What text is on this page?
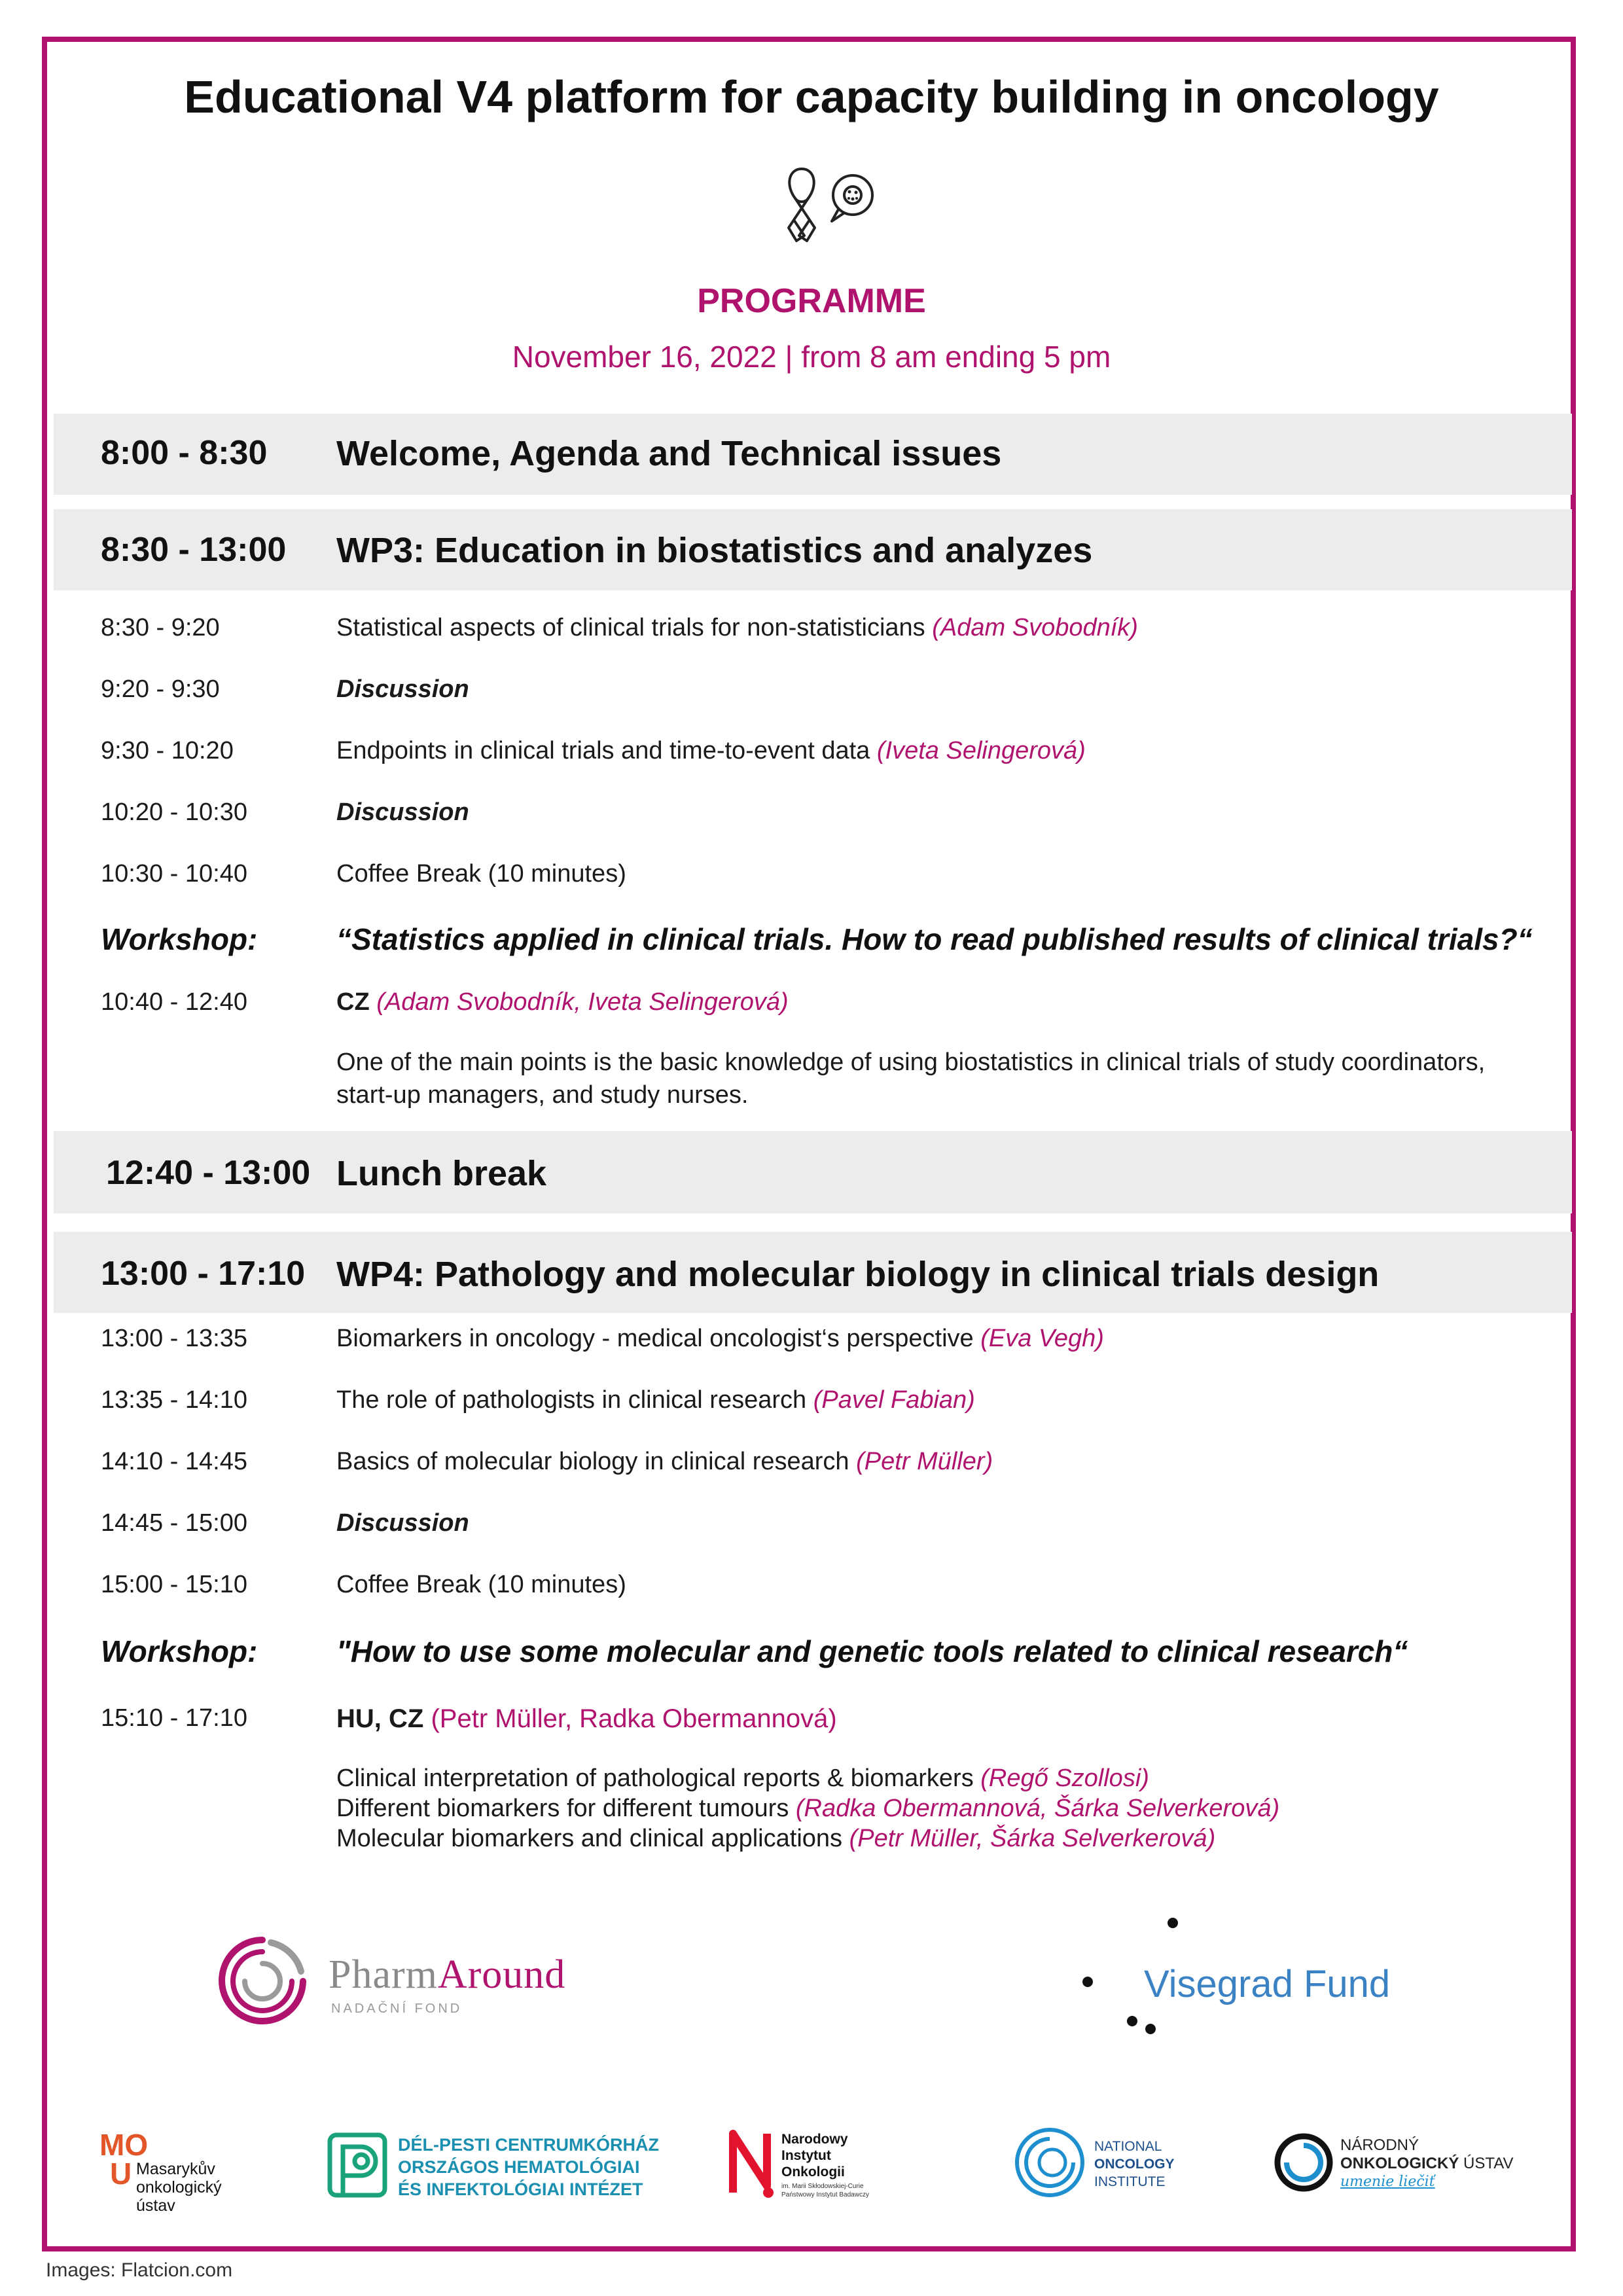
Educational V4 platform for capacity building in oncology
PROGRAMME
November 16, 2022 | from 8 am ending 5 pm
8:00 - 8:30 Welcome, Agenda and Technical issues
8:30 - 13:00 WP3: Education in biostatistics and analyzes
8:30 - 9:20	Statistical aspects of clinical trials for non-statisticians (Adam Svobodník)
9:20 - 9:30	Discussion
9:30 - 10:20	Endpoints in clinical trials and time-to-event data (Iveta Selingerová)
10:20 - 10:30	Discussion
10:30 - 10:40	Coffee Break (10 minutes)
Workshop:	“Statistics applied in clinical trials. How to read published results of clinical trials?“
10:40 - 12:40	CZ (Adam Svobodník, Iveta Selingerová)
One of the main points is the basic knowledge of using biostatistics in clinical trials of study coordinators, start-up managers, and study nurses.
12:40 - 13:00 Lunch break
13:00 - 17:10 WP4: Pathology and molecular biology in clinical trials design
13:00 - 13:35	Biomarkers in oncology - medical oncologist‘s perspective (Eva Vegh)
13:35 - 14:10	The role of pathologists in clinical research (Pavel Fabian)
14:10 - 14:45	Basics of molecular biology in clinical research (Petr Müller)
14:45 - 15:00	Discussion
15:00 - 15:10	Coffee Break (10 minutes)
Workshop:	"How to use some molecular and genetic tools related to clinical research“
15:10 - 17:10	HU, CZ (Petr Müller, Radka Obermannová)
Clinical interpretation of pathological reports & biomarkers (Regő Szollosi)
Different biomarkers for different tumours (Radka Obermannová, Šárka Selverkerová)
Molecular biomarkers and clinical applications (Petr Müller, Šárka Selverkerová)
PharmAround
NADAČNÍ FOND
Visegrad Fund
MO
U Masarykův
onkologický
ústav
DÉL-PESTI CENTRUMKÓRHÁZ
ORSZÁGOS HEMATOLÓGIAI
ÉS INFEKTOLÓGIAI INTÉZET
Narodowy
Instytut
Onkologii
im. Marii Skłodowskiej-Curie
Państwowy Instytut Badawczy
NATIONAL
ONCOLOGY
INSTITUTE
NÁRODNÝ
ONKOLOGICKÝ ÚSTAV
umenie liečiť
Images: Flatcion.com
